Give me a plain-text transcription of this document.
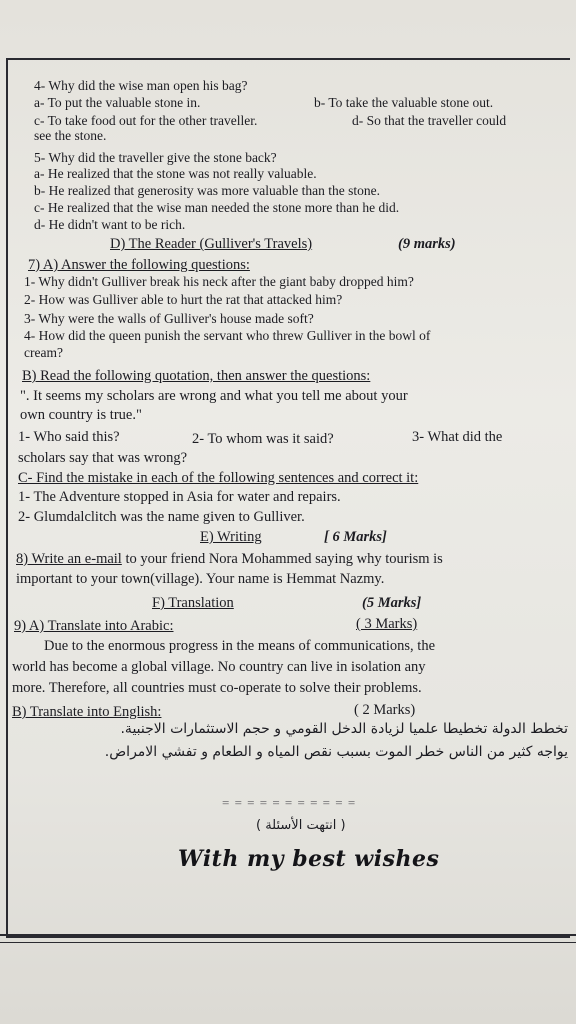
4- Why did the wise man open his bag?
a- To put the valuable stone in.	b- To take the valuable stone out.
c- To take food out for the other traveller.	d- So that the traveller could
see the stone.
5- Why did the traveller give the stone back?
a- He realized that the stone was not really valuable.
b- He realized that generosity was more valuable than the stone.
c- He realized that the wise man needed the stone more than he did.
d- He didn't want to be rich.
D) The Reader (Gulliver's Travels)	(9 marks)
7) A) Answer the following questions:
1- Why didn't Gulliver break his neck after the giant baby dropped him?
2- How was Gulliver able to hurt the rat that attacked him?
3- Why were the walls of Gulliver's house made soft?
4- How did the queen punish the servant who threw Gulliver in the bowl of
cream?
B) Read the following quotation, then answer the questions:
". It seems my scholars are wrong and what you tell me about your
own country is true."
1- Who said this?	2- To whom was it said?	3- What did the
scholars say that was wrong?
C- Find the mistake in each of the following sentences and correct it:
1- The Adventure stopped in Asia for water and repairs.
2- Glumdalclitch was the name given to Gulliver.
E) Writing	[ 6 Marks]
8) Write an e-mail to your friend Nora Mohammed saying why tourism is
important to your town(village). Your name is Hemmat Nazmy.
F) Translation	(5 Marks]
9) A) Translate into Arabic:	( 3 Marks)
Due to the enormous progress in the means of communications, the
world has become a global village. No country can live in isolation any
more. Therefore, all countries must co-operate to solve their problems.
B) Translate into English:	( 2 Marks)
تخطط الدولة تخطيطا علميا لزيادة الدخل القومي و حجم الاستثمارات الاجنبية.
يواجه كثير من الناس خطر الموت بسبب نقص المياه و الطعام و تفشي الامراض.
= = = = = = = = = = =
( انتهت الأسئلة )
With my best wishes
